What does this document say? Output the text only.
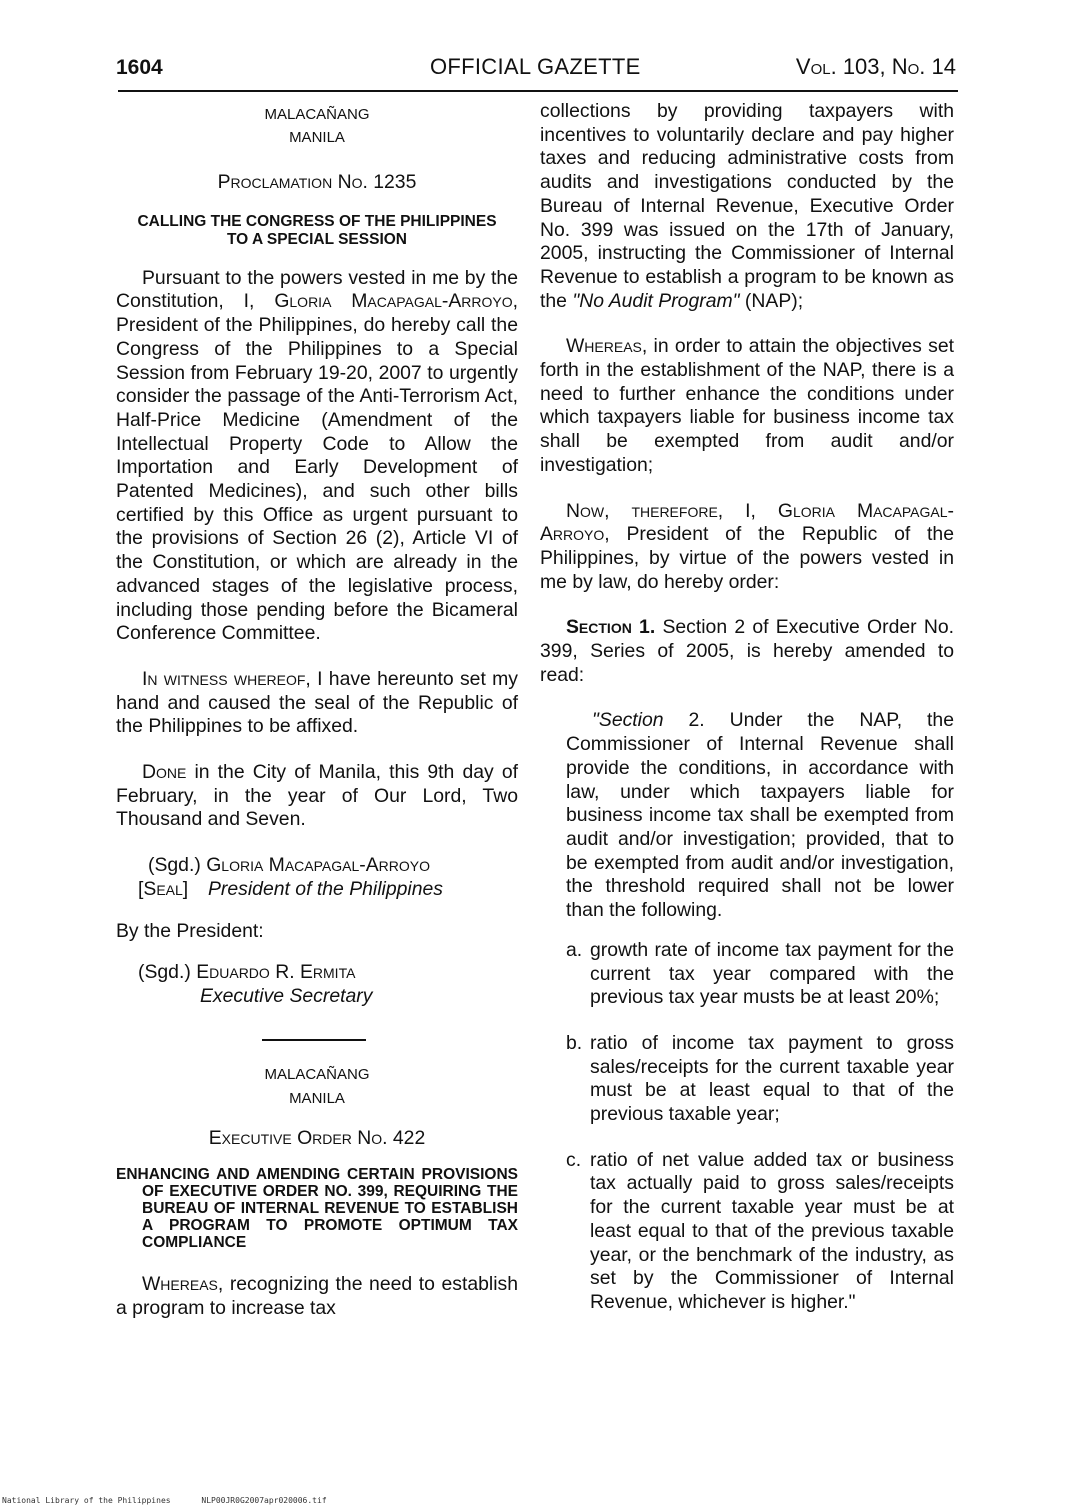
1604	OFFICIAL GAZETTE	Vol. 103, No. 14

MALACAÑANG

MANILA

Proclamation No. 1235

CALLING THE CONGRESS OF THE PHILIPPINES

TO A SPECIAL SESSION

Pursuant to the powers vested in me by the Constitution, I, Gloria Macapagal-Arroyo, President of the Philippines, do hereby call the Congress of the Philippines to a Special Session from February 19-20, 2007 to urgently consider the passage of the Anti-Terrorism Act, Half-Price Medicine (Amendment of the Intellectual Property Code to Allow the Importation and Early Development of Patented Medicines), and such other bills certified by this Office as urgent pursuant to the provisions of Section 26 (2), Article VI of the Constitution, or which are already in the advanced stages of the legislative process, including those pending before the Bicameral Conference Committee.

In witness whereof, I have hereunto set my hand and caused the seal of the Republic of the Philippines to be affixed.

Done in the City of Manila, this 9th day of February, in the year of Our Lord, Two Thousand and Seven.

(Sgd.) Gloria Macapagal-Arroyo
[Seal] President of the Philippines

By the President:

(Sgd.) Eduardo R. Ermita
Executive Secretary

MALACAÑANG

MANILA

Executive Order No. 422

ENHANCING AND AMENDING CERTAIN PROVISIONS OF EXECUTIVE ORDER NO. 399, REQUIRING THE BUREAU OF INTERNAL REVENUE TO ESTABLISH A PROGRAM TO PROMOTE OPTIMUM TAX COMPLIANCE

Whereas, recognizing the need to establish a program to increase tax

collections by providing taxpayers with incentives to voluntarily declare and pay higher taxes and reducing administrative costs from audits and investigations conducted by the Bureau of Internal Revenue, Executive Order No. 399 was issued on the 17th of January, 2005, instructing the Commissioner of Internal Revenue to establish a program to be known as the "No Audit Program" (NAP);

Whereas, in order to attain the objectives set forth in the establishment of the NAP, there is a need to further enhance the conditions under which taxpayers liable for business income tax shall be exempted from audit and/or investigation;

Now, therefore, I, Gloria Macapagal-Arroyo, President of the Republic of the Philippines, by virtue of the powers vested in me by law, do hereby order:

Section 1. Section 2 of Executive Order No. 399, Series of 2005, is hereby amended to read:

"Section 2. Under the NAP, the Commissioner of Internal Revenue shall provide the conditions, in accordance with law, under which taxpayers liable for business income tax shall be exempted from audit and/or investigation; provided, that to be exempted from audit and/or investigation, the threshold required shall not be lower than the following.

a. growth rate of income tax payment for the current tax year compared with the previous tax year musts be at least 20%;
b. ratio of income tax payment to gross sales/receipts for the current taxable year must be at least equal to that of the previous taxable year;
c. ratio of net value added tax or business tax actually paid to gross sales/receipts for the current taxable year must be at least equal to that of the previous taxable year, or the benchmark of the industry, as set by the Commissioner of Internal Revenue, whichever is higher."
National Library of the Philippines	NLP00JR0G2007apr020006.tif
